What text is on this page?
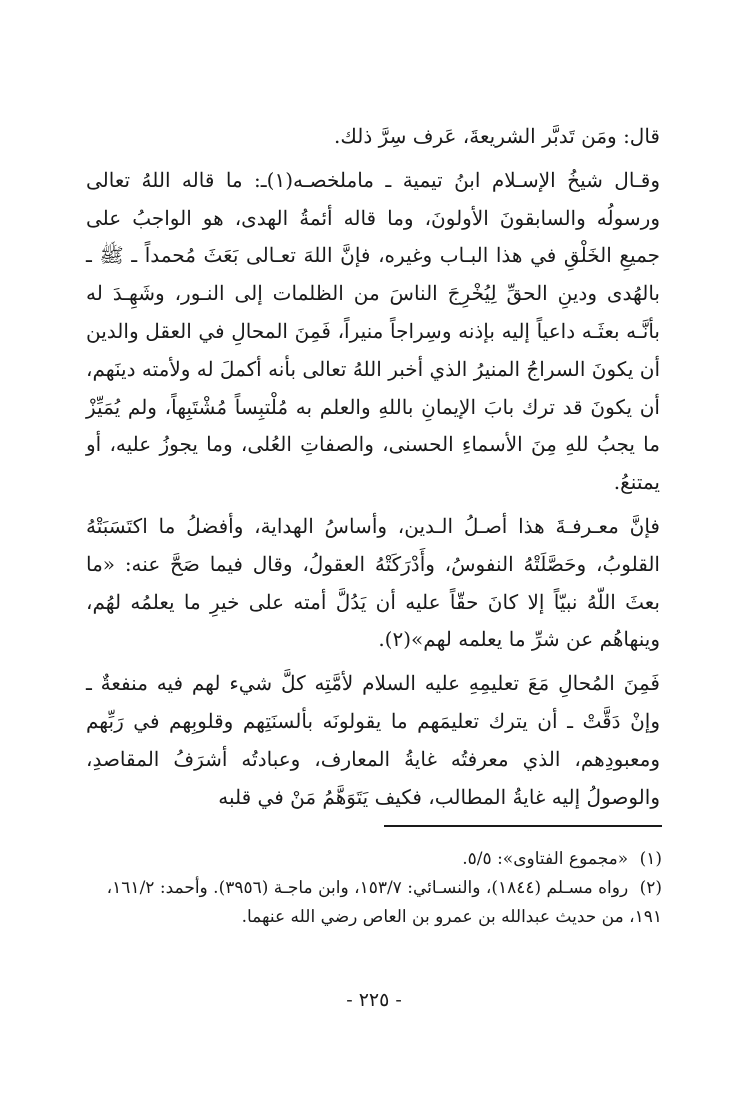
قال: ومَن تَدبَّر الشريعةَ، عَرف سِرَّ ذلك.

وقـال شيخُ الإسـلام ابنُ تيمية ـ ماملخصـه(١)ـ: ما قاله اللهُ تعالى ورسولُه والسابقونَ الأولونَ، وما قاله أئمةُ الهدى، هو الواجبُ على جميعِ الخَلْقِ في هذا البـاب وغيره، فإنَّ اللهَ تعـالى بَعَثَ مُحمداً ـ ﷺ ـ بالهُدى ودينِ الحقِّ لِيُخْرِجَ الناسَ من الظلمات إلى النـور، وشَهِـدَ له بأنَّـه بعثَـه داعياً إليه بإذنه وسِراجاً منيراً، فَمِنَ المحالِ في العقل والدين أن يكونَ السراجُ المنيرُ الذي أخبر اللهُ تعالى بأنه أكملَ له ولأمته دينَهم، أن يكونَ قد ترك بابَ الإيمانِ باللهِ والعلم به مُلْتبِساً مُشْتَبِهاً، ولم يُمَيِّزْ ما يجبُ للهِ مِنَ الأسماءِ الحسنى، والصفاتِ العُلى، وما يجوزُ عليه، أو يمتنعُ.

فإنَّ معـرفـةَ هذا أصـلُ الـدين، وأساسُ الهداية، وأفضلُ ما اكتَسَبَتْهُ القلوبُ، وحَصَّلَتْهُ النفوسُ، وأَدْرَكَتْهُ العقولُ، وقال فيما صَحَّ عنه: «ما بعثَ اللّهُ نبيّاً إلا كانَ حقّاً عليه أن يَدُلَّ أمته على خيرِ ما يعلمُه لهُم، وينهاهُم عن شرِّ ما يعلمه لهم»(٢).

فَمِنَ المُحالِ مَعَ تعليمِهِ عليه السلام لأمَّتِه كلَّ شيء لهم فيه منفعةٌ ـ وإنْ دَقَّتْ ـ أن يترك تعليمَهم ما يقولونَه بألسنَتِهم وقلوبِهم في رَبِّهم ومعبودِهم، الذي معرفتُه غايةُ المعارف، وعبادتُه أشرَفُ المقاصدِ، والوصولُ إليه غايةُ المطالب، فكيف يَتَوَهَّمُ مَنْ في قلبه

(١) «مجموع الفتاوى»: ٥/٥.

(٢) رواه مسـلم (١٨٤٤)، والنسـائي: ١٥٣/٧، وابن ماجـة (٣٩٥٦). وأحمد: ١٦١/٢، ١٩١، من حديث عبدالله بن عمرو بن العاص رضي الله عنهما.

- ٢٢٥ -
